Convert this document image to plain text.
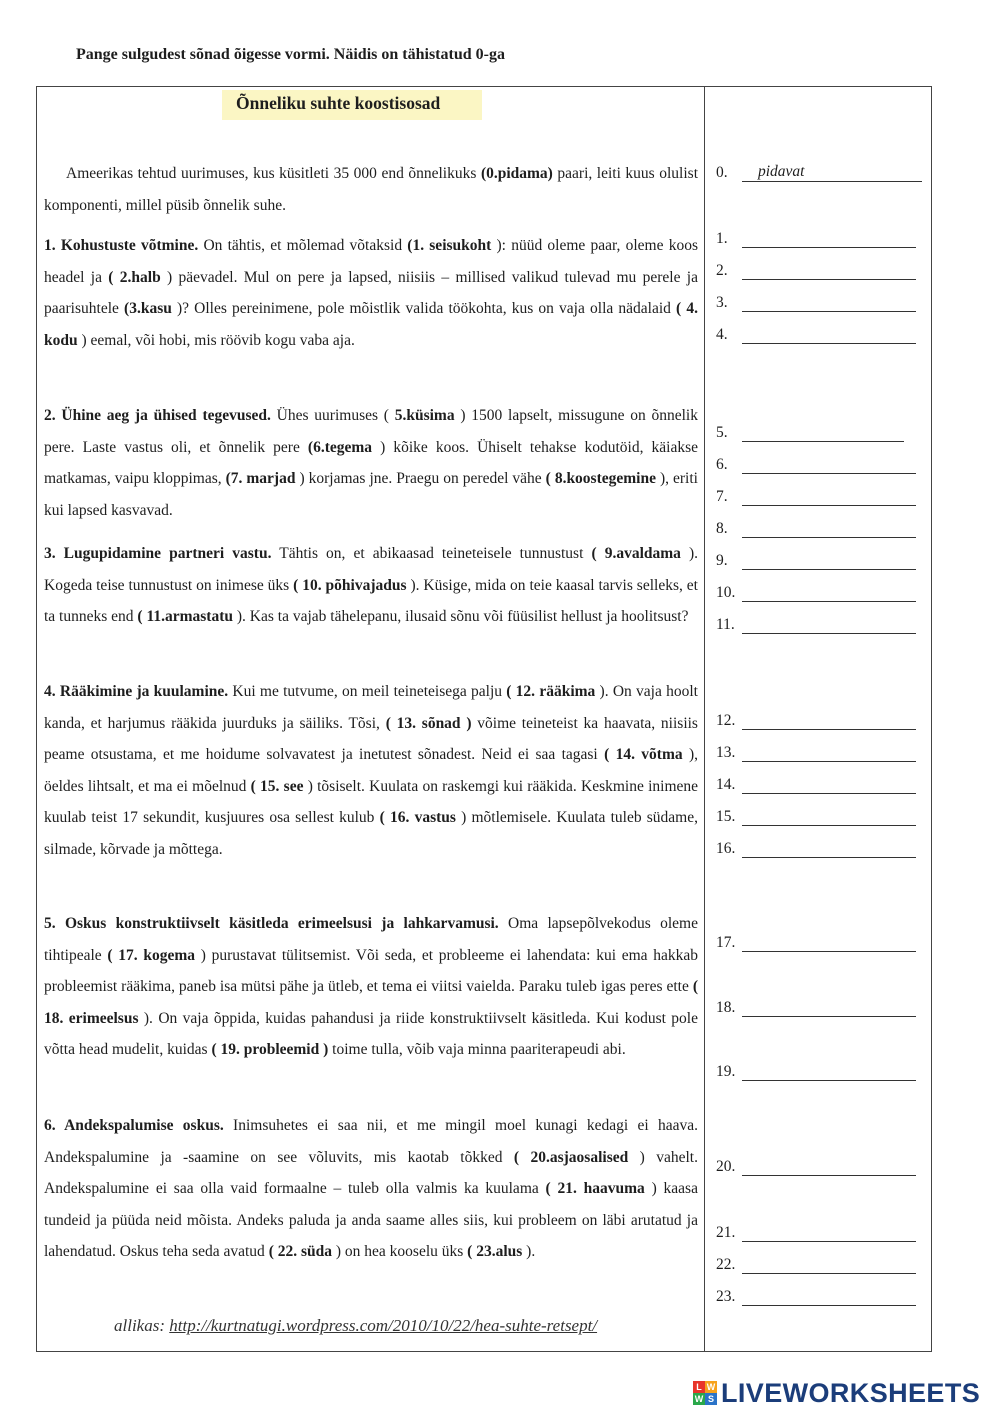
Pange sulgudest sõnad õigesse vormi. Näidis on tähistatud 0-ga
Õnneliku suhte koostisosad

Ameerikas tehtud uurimuses, kus küsitleti 35 000 end õnnelikuks (0.pidama) paari, leiti kuus olulist komponenti, millel püsib õnnelik suhe.

1. Kohustuste võtmine. On tähtis, et mõlemad võtaksid (1. seisukoht ): nüüd oleme paar, oleme koos headel ja ( 2.halb ) päevadel. Mul on pere ja lapsed, niisiis – millised valikud tulevad mu perele ja paarisuhtele (3.kasu )? Olles pereinimene, pole mõistlik valida töökohta, kus on vaja olla nädalaid ( 4. kodu ) eemal, või hobi, mis röövib kogu vaba aja.

2. Ühine aeg ja ühised tegevused. Ühes uurimuses ( 5.küsima ) 1500 lapselt, missugune on õnnelik pere. Laste vastus oli, et õnnelik pere (6.tegema ) kõike koos. Ühiselt tehakse kodutöid, käiakse matkamas, vaipu kloppimas, (7. marjad ) korjamas jne. Praegu on peredel vähe ( 8.koostegemine ), eriti kui lapsed kasvavad.

3. Lugupidamine partneri vastu. Tähtis on, et abikaasad teineteisele tunnustust ( 9.avaldama ). Kogeda teise tunnustust on inimese üks ( 10. põhivajadus ). Küsige, mida on teie kaasal tarvis selleks, et ta tunneks end ( 11.armastatu ). Kas ta vajab tähelepanu, ilusaid sõnu või füüsilist hellust ja hoolitsust?

4. Rääkimine ja kuulamine. Kui me tutvume, on meil teineteisega palju ( 12. rääkima ). On vaja hoolt kanda, et harjumus rääkida juurduks ja säiliks. Tõsi, ( 13. sõnad ) võime teineteist ka haavata, niisiis peame otsustama, et me hoidume solvavatest ja inetutest sõnadest. Neid ei saa tagasi ( 14. võtma ), öeldes lihtsalt, et ma ei mõelnud ( 15. see ) tõsiselt. Kuulata on raskemgi kui rääkida. Keskmine inimene kuulab teist 17 sekundit, kusjuures osa sellest kulub ( 16. vastus ) mõtlemisele. Kuulata tuleb südame, silmade, kõrvade ja mõttega.

5. Oskus konstruktiivselt käsitleda erimeelsusi ja lahkarvamusi. Oma lapsepõlvekodus oleme tihtipeale ( 17. kogema ) purustavat tülitsemist. Või seda, et probleeme ei lahendata: kui ema hakkab probleemist rääkima, paneb isa mütsi pähe ja ütleb, et tema ei viitsi vaielda. Paraku tuleb igas peres ette ( 18. erimeelsus ). On vaja õppida, kuidas pahandusi ja riide konstruktiivselt käsitleda. Kui kodust pole võtta head mudelit, kuidas ( 19. probleemid ) toime tulla, võib vaja minna paariterapeudi abi.

6. Andekspalumise oskus. Inimsuhetes ei saa nii, et me mingil moel kunagi kedagi ei haava. Andekspalumine ja -saamine on see võluvits, mis kaotab tõkked ( 20.asjaosalised ) vahelt. Andekspalumine ei saa olla vaid formaalne – tuleb olla valmis ka kuulama ( 21. haavuma ) kaasa tundeid ja püüda neid mõista. Andeks paluda ja anda saame alles siis, kui probleem on läbi arutatud ja lahendatud. Oskus teha seda avatud ( 22. süda ) on hea kooselu üks ( 23.alus ).

allikas: http://kurtnatugi.wordpress.com/2010/10/22/hea-suhte-retsept/
0.	pidavat
1.
2.
3.
4.
5.
6.
7.
8.
9.
10.
11.
12.
13.
14.
15.
16.
17.
18.
19.
20.
21.
22.
23.
L W
W S LIVEWORKSHEETS
